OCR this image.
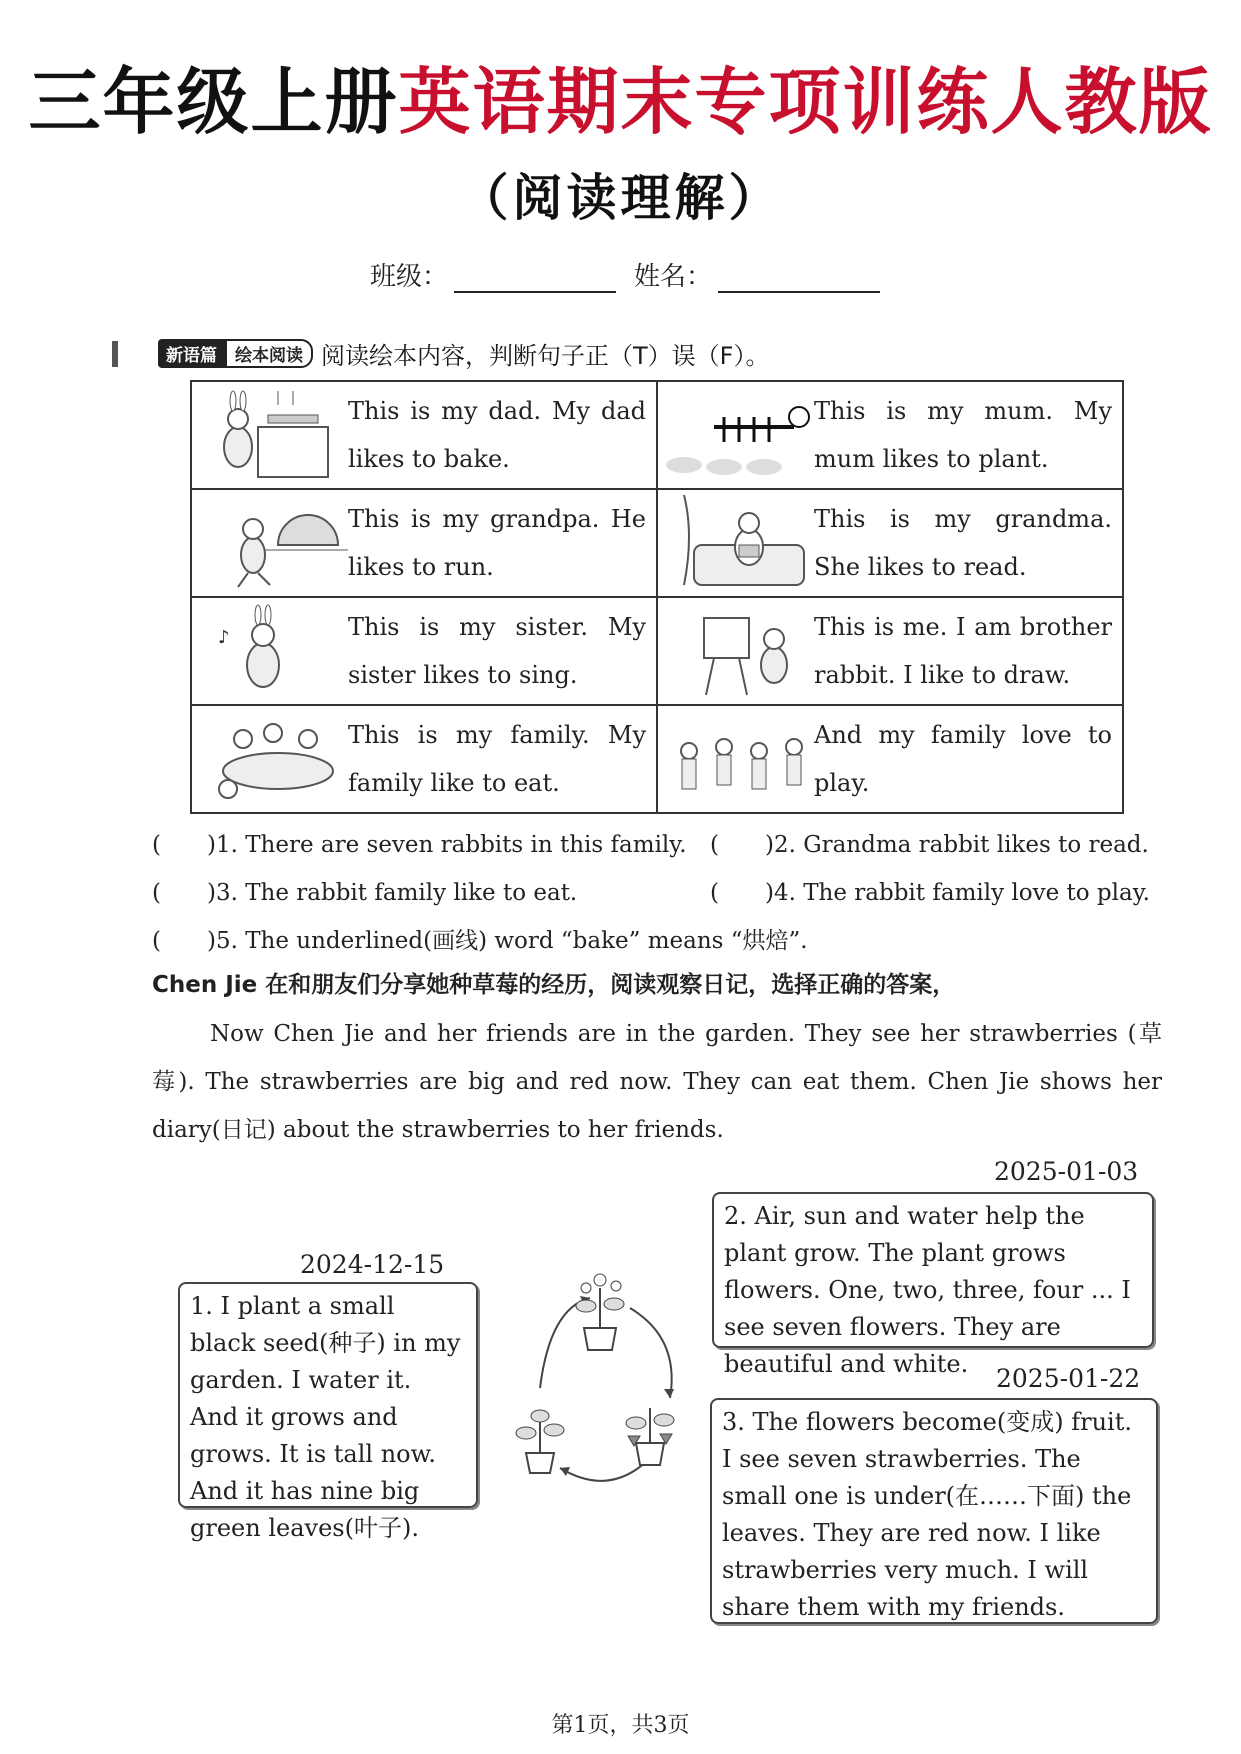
三年级上册英语期末专项训练人教版
（阅读理解）
班级：	姓名：
新语篇	绘本阅读 阅读绘本内容，判断句子正（T）误（F）。
This is my dad. My dad likes to bake.	This is my mum. My mum likes to plant.

This is my grandpa. He likes to run.	This is my grandma. She likes to read.

♪ This is my sister. My sister likes to sing.	This is me. I am brother rabbit. I like to draw.

This is my family. My family like to eat.	And my family love to play.
(　　)1. There are seven rabbits in this family. (　　)2. Grandma rabbit likes to read.
(　　)3. The rabbit family like to eat.	(　　)4. The rabbit family love to play.
(　　)5. The underlined(画线) word “bake” means “烘焙”.
Chen Jie 在和朋友们分享她种草莓的经历，阅读观察日记，选择正确的答案，
Now Chen Jie and her friends are in the garden. They see her strawberries (草莓). The strawberries are big and red now. They can eat them. Chen Jie shows her diary(日记) about the strawberries to her friends.
2024-12-15
1. I plant a small black seed(种子) in my garden. I water it. And it grows and grows. It is tall now. And it has nine big green leaves(叶子).
2025-01-03
2. Air, sun and water help the plant grow. The plant grows flowers. One, two, three, four ... I see seven flowers. They are beautiful and white.	2025-01-22
3. The flowers become(变成) fruit. I see seven strawberries. The small one is under(在……下面) the leaves. They are red now. I like strawberries very much. I will share them with my friends.
第1页，共3页
